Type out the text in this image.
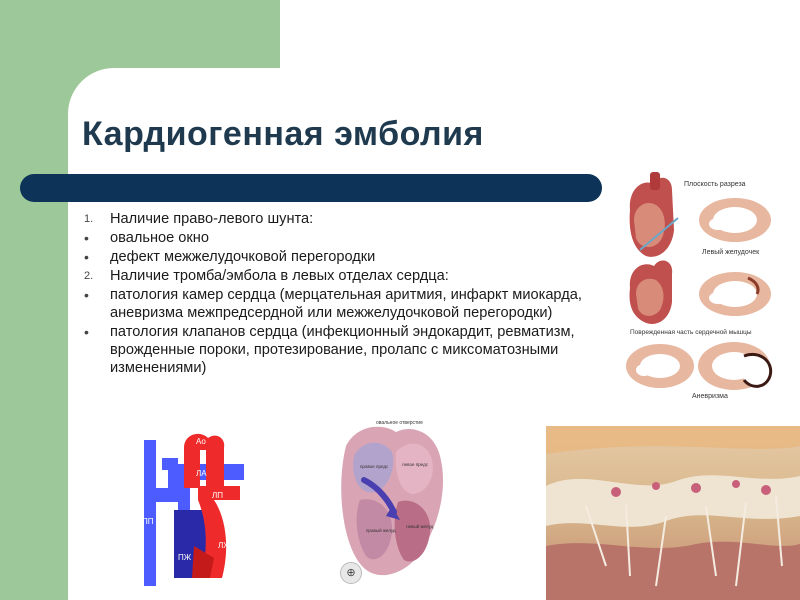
Кардиогенная эмболия
1. Наличие право-левого шунта:
• овальное окно
• дефект межжелудочковой перегородки
2. Наличие тромба/эмбола в левых отделах сердца:
• патология камер сердца (мерцательная аритмия, инфаркт миокарда, аневризма межпредсердной или межжелудочковой перегородки)
• патология клапанов сердца (инфекционный эндокардит, ревматизм, врожденные пороки, протезирование, пролапс с миксоматозными изменениями)
Плоскость разреза
Левый желудочек
Поврежденная часть сердечной мышцы
Аневризма
Ao
ЛА
ЛП
ПП
ЛЖ
ПЖ
овальное отверстие
правое предс	левое предс
правый желуд
левый желуд
⊕
